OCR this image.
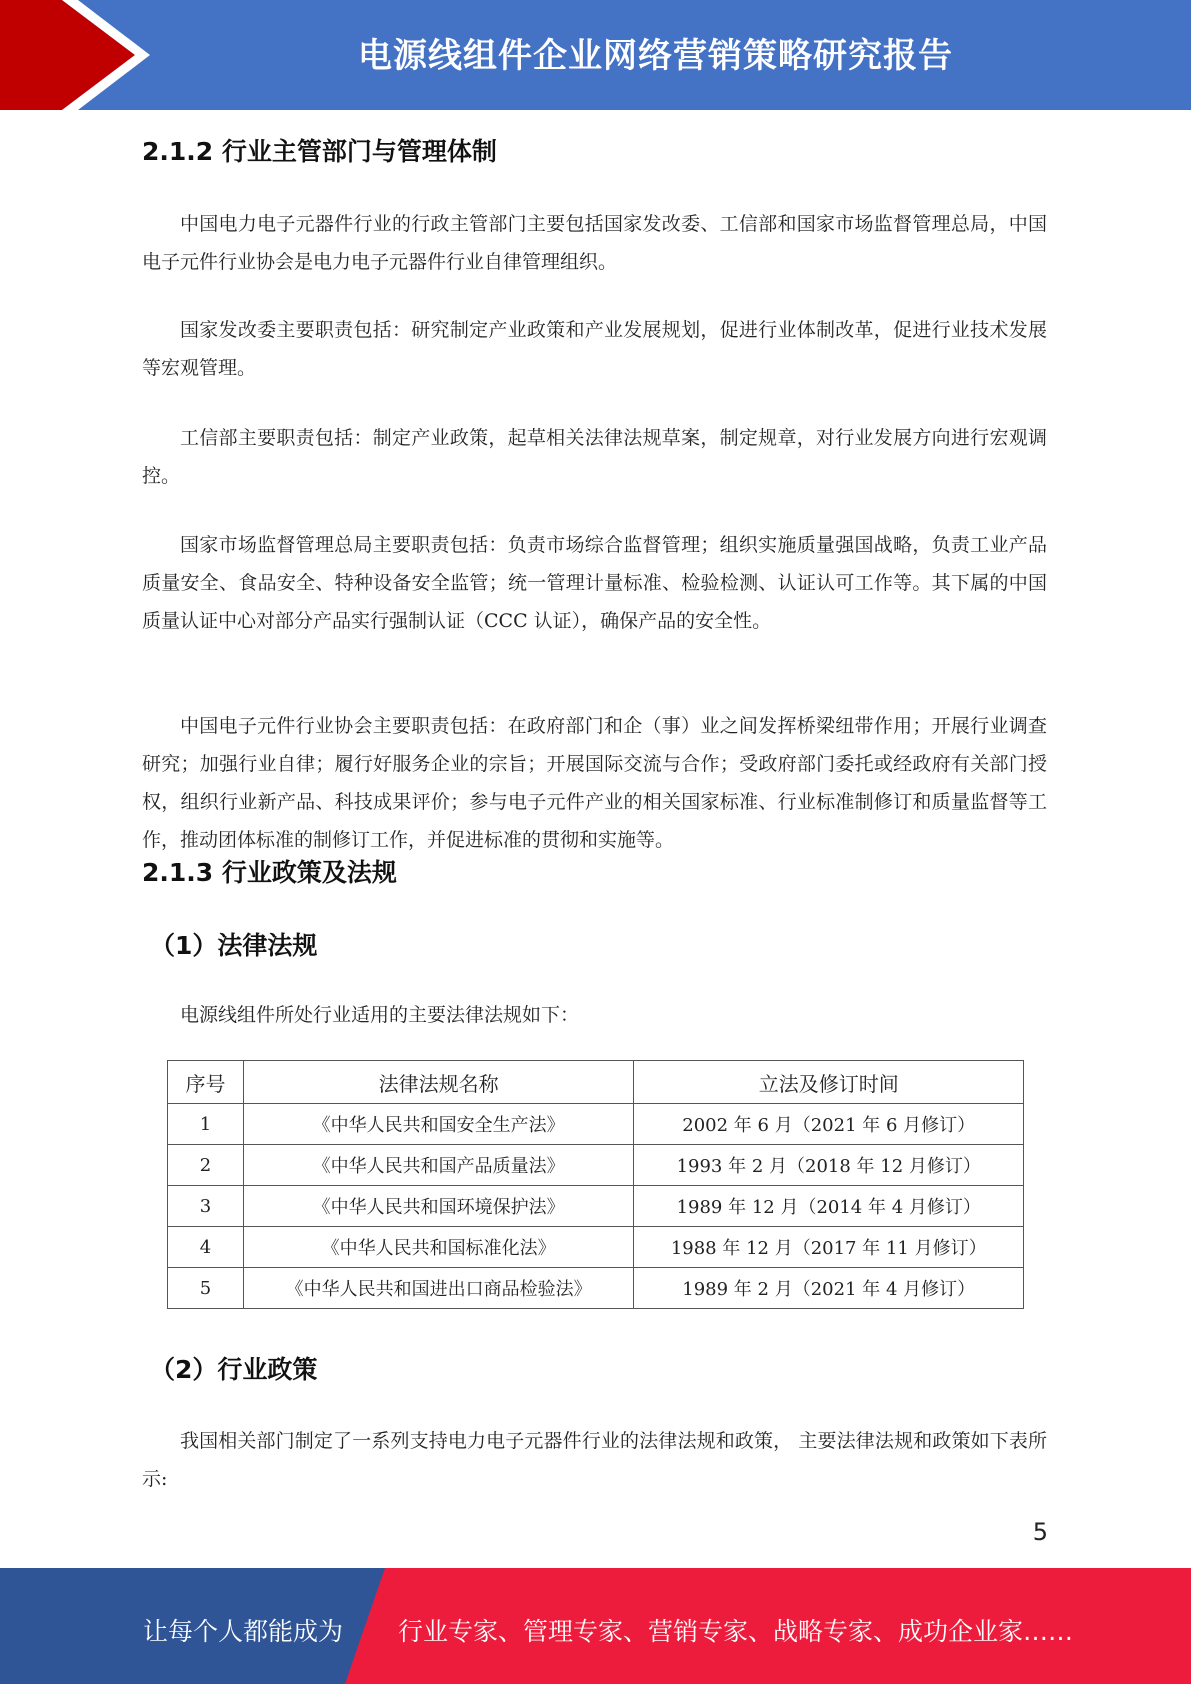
电源线组件企业网络营销策略研究报告
2.1.2 行业主管部门与管理体制
中国电力电子元器件行业的行政主管部门主要包括国家发改委、工信部和国家市场监督管理总局，中国电子元件行业协会是电力电子元器件行业自律管理组织。
国家发改委主要职责包括：研究制定产业政策和产业发展规划，促进行业体制改革，促进行业技术发展等宏观管理。
工信部主要职责包括：制定产业政策，起草相关法律法规草案，制定规章，对行业发展方向进行宏观调控。
国家市场监督管理总局主要职责包括：负责市场综合监督管理；组织实施质量强国战略，负责工业产品质量安全、食品安全、特种设备安全监管；统一管理计量标准、检验检测、认证认可工作等。其下属的中国质量认证中心对部分产品实行强制认证（CCC 认证），确保产品的安全性。
中国电子元件行业协会主要职责包括：在政府部门和企（事）业之间发挥桥梁纽带作用；开展行业调查研究；加强行业自律；履行好服务企业的宗旨；开展国际交流与合作；受政府部门委托或经政府有关部门授权，组织行业新产品、科技成果评价；参与电子元件产业的相关国家标准、行业标准制修订和质量监督等工作，推动团体标准的制修订工作，并促进标准的贯彻和实施等。
2.1.3 行业政策及法规
（1）法律法规
电源线组件所处行业适用的主要法律法规如下：
序号	法律法规名称	立法及修订时间
1	《中华人民共和国安全生产法》	2002 年 6 月（2021 年 6 月修订）
2	《中华人民共和国产品质量法》	1993 年 2 月（2018 年 12 月修订）
3	《中华人民共和国环境保护法》	1989 年 12 月（2014 年 4 月修订）
4	《中华人民共和国标准化法》	1988 年 12 月（2017 年 11 月修订）
5	《中华人民共和国进出口商品检验法》	1989 年 2 月（2021 年 4 月修订）
（2）行业政策
我国相关部门制定了一系列支持电力电子元器件行业的法律法规和政策， 主要法律法规和政策如下表所示:
5
让每个人都能成为 行业专家、管理专家、营销专家、战略专家、成功企业家……
